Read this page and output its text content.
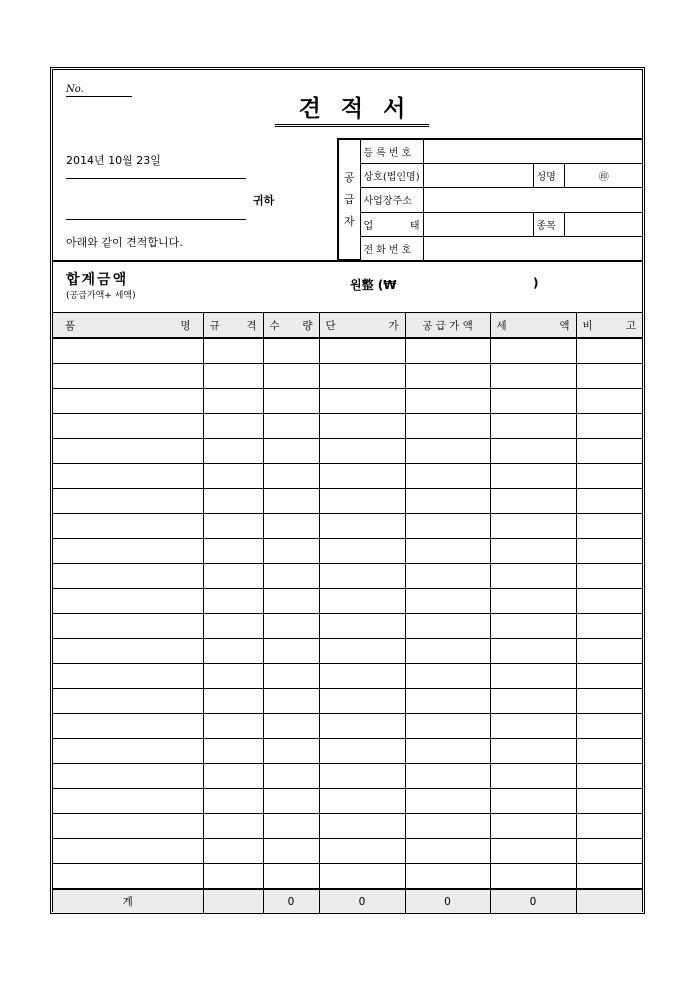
No.
견적서
2014년 10월 23일
귀하
아래와 같이 견적합니다.
공
급
자	등록번호			
	상호(법인명)		성명	㊞
	사업장주소			

	업 태		종목	
	전화번호			
합계금액
(공급가액+ 세액)
원整 (₩	)
품 명	규 격	수 량	단 가	공 급 가 액	세 액	비 고

계		0	0	0	0	
